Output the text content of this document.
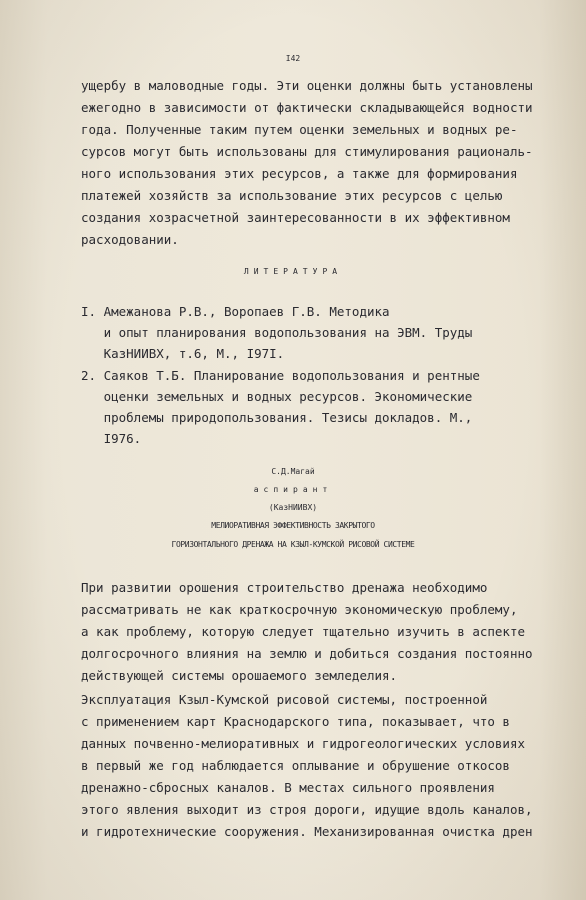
I42
ущербу в маловодные годы. Эти оценки должны быть установлены
ежегодно в зависимости от фактически складывающейся водности
года. Полученные таким путем оценки земельных и водных ре-
сурсов могут быть использованы для стимулирования рациональ-
ного использования этих ресурсов, а также для формирования
платежей хозяйств за использование этих ресурсов с целью
создания хозрасчетной заинтересованности в их эффективном
расходовании.
ЛИТЕРАТУРА
I. Амежанова Р.В., Воропаев Г.В. Методика
и опыт планирования водопользования на ЭВМ. Труды
КазНИИВХ, т.6, М., I97I.
2. Саяков Т.Б. Планирование водопользования и рентные
оценки земельных и водных ресурсов. Экономические
проблемы природопользования. Тезисы докладов. М.,
I976.
С.Д.Магай
аспирант
(КазНИИВХ)
МЕЛИОРАТИВНАЯ ЭФФЕКТИВНОСТЬ ЗАКРЫТОГО
ГОРИЗОНТАЛЬНОГО ДРЕНАЖА НА КЗЫЛ-КУМСКОЙ РИСОВОЙ СИСТЕМЕ
При развитии орошения строительство дренажа необходимо
рассматривать не как краткосрочную экономическую проблему,
а как проблему, которую следует тщательно изучить в аспекте
долгосрочного влияния на землю и добиться создания постоянно
действующей системы орошаемого земледелия.
Эксплуатация Кзыл-Кумской рисовой системы, построенной
с применением карт Краснодарского типа, показывает, что в
данных почвенно-мелиоративных и гидрогеологических условиях
в первый же год наблюдается оплывание и обрушение откосов
дренажно-сбросных каналов. В местах сильного проявления
этого явления выходит из строя дороги, идущие вдоль каналов,
и гидротехнические сооружения. Механизированная очистка дрен
